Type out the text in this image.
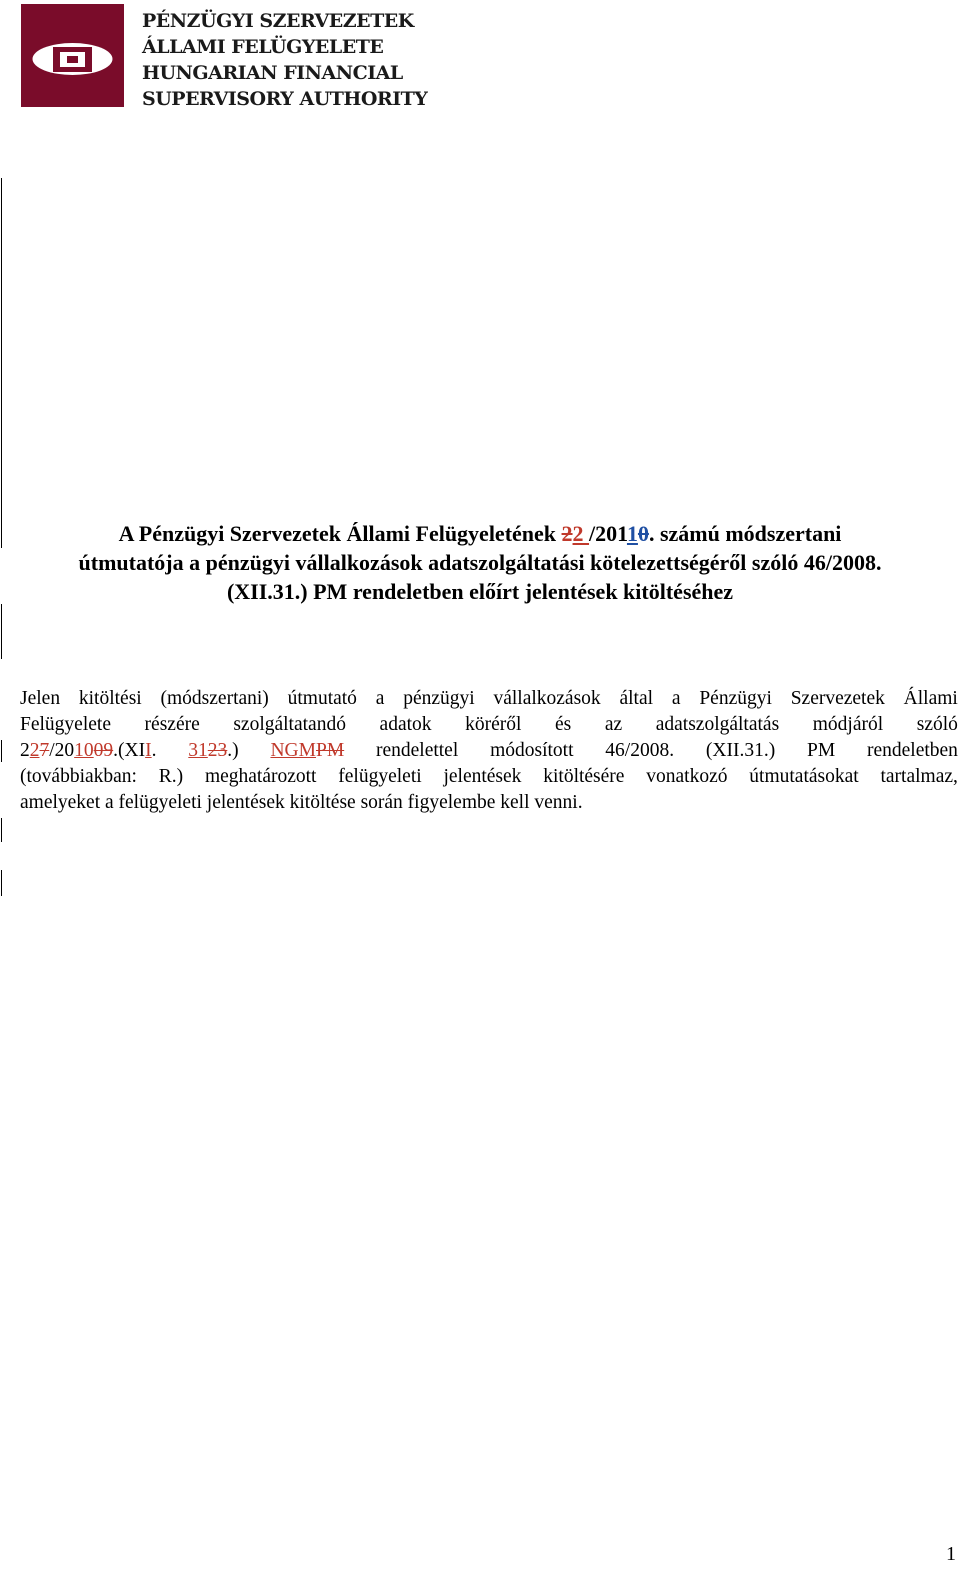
PÉNZÜGYI SZERVEZETEK
ÁLLAMI FELÜGYELETE
HUNGARIAN FINANCIAL
SUPERVISORY AUTHORITY
A Pénzügyi Szervezetek Állami Felügyeletének 22 /20110. számú módszertani
útmutatója a pénzügyi vállalkozások adatszolgáltatási kötelezettségéről szóló 46/2008.
(XII.31.) PM rendeletben előírt jelentések kitöltéséhez
Jelen kitöltési (módszertani) útmutató a pénzügyi vállalkozások által a Pénzügyi Szervezetek Állami
Felügyelete részére szolgáltatandó adatok köréről és az adatszolgáltatás módjáról szóló
227/201009.(XII. 3123.) NGMPM rendelettel módosított 46/2008. (XII.31.) PM rendeletben
(továbbiakban: R.) meghatározott felügyeleti jelentések kitöltésére vonatkozó útmutatásokat tartalmaz,
amelyeket a felügyeleti jelentések kitöltése során figyelembe kell venni.
1
